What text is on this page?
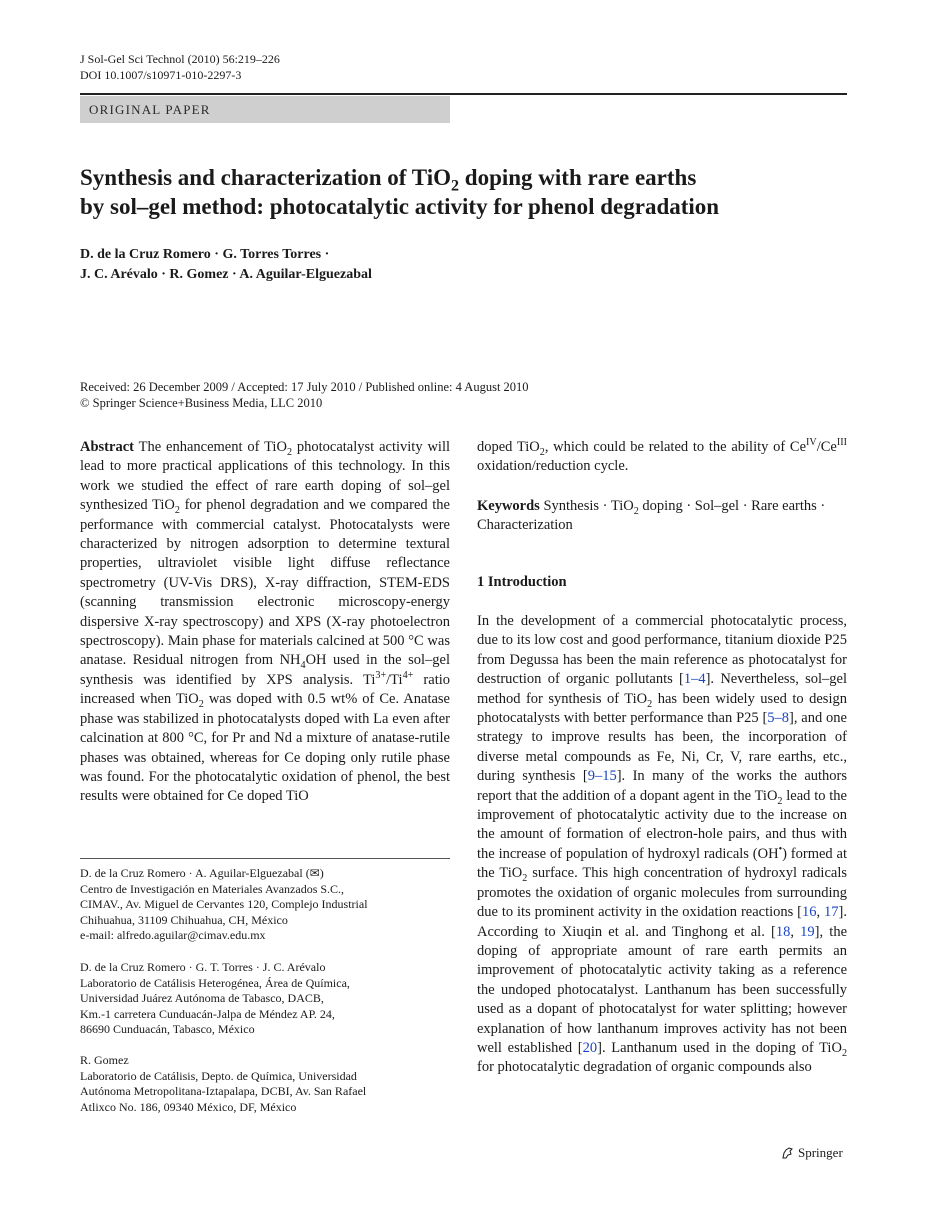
J Sol-Gel Sci Technol (2010) 56:219–226
DOI 10.1007/s10971-010-2297-3
ORIGINAL PAPER
Synthesis and characterization of TiO$_2$ doping with rare earths
by sol–gel method: photocatalytic activity for phenol degradation
D. de la Cruz Romero · G. Torres Torres ·
J. C. Arévalo · R. Gomez · A. Aguilar-Elguezabal
Received: 26 December 2009 / Accepted: 17 July 2010 / Published online: 4 August 2010
© Springer Science+Business Media, LLC 2010
Abstract The enhancement of TiO$_2$ photocatalyst activity will lead to more practical applications of this technology. In this work we studied the effect of rare earth doping of sol–gel synthesized TiO$_2$ for phenol degradation and we compared the performance with commercial catalyst. Photocatalysts were characterized by nitrogen adsorption to determine textural properties, ultraviolet visible light diffuse reflectance spectrometry (UV-Vis DRS), X-ray diffraction, STEM-EDS (scanning transmission electronic microscopy-energy dispersive X-ray spectroscopy) and XPS (X-ray photoelectron spectroscopy). Main phase for materials calcined at 500 °C was anatase. Residual nitrogen from $NH_4OH$ used in the sol–gel synthesis was identified by XPS analysis. $Ti^{3+}/Ti^{4+}$ ratio increased when TiO$_2$ was doped with 0.5 wt% of Ce. Anatase phase was stabilized in photocatalysts doped with La even after calcination at 800 °C, for Pr and Nd a mixture of anatase-rutile phases was obtained, whereas for Ce doping only rutile phase was found. For the photocatalytic oxidation of phenol, the best results were obtained for Ce doped TiO
doped TiO$_2$, which could be related to the ability of $Ce^{IV}/Ce^{III}$ oxidation/reduction cycle.
Keywords Synthesis · TiO$_2$ doping · Sol–gel · Rare earths · Characterization
1 Introduction
In the development of a commercial photocatalytic process, due to its low cost and good performance, titanium dioxide P25 from Degussa has been the main reference as photocatalyst for destruction of organic pollutants [1–4]. Nevertheless, sol–gel method for synthesis of TiO$_2$ has been widely used to design photocatalysts with better performance than P25 [5–8], and one strategy to improve results has been, the incorporation of diverse metal compounds as Fe, Ni, Cr, V, rare earths, etc., during synthesis [9–15]. In many of the works the authors report that the addition of a dopant agent in the TiO$_2$ lead to the improvement of photocatalytic activity due to the increase on the amount of formation of electron-hole pairs, and thus with the increase of population of hydroxyl radicals (OH•) formed at the TiO$_2$ surface. This high concentration of hydroxyl radicals promotes the oxidation of organic molecules from surrounding due to its prominent activity in the oxidation reactions [16, 17]. According to Xiuqin et al. and Tinghong et al. [18, 19], the doping of appropriate amount of rare earth permits an improvement of photocatalytic activity taking as a reference the undoped photocatalyst. Lanthanum has been successfully used as a dopant of photocatalyst for water splitting; however explanation of how lanthanum improves activity has not been well established [20]. Lanthanum used in the doping of TiO$_2$ for photocatalytic degradation of organic compounds also
D. de la Cruz Romero · A. Aguilar-Elguezabal (✉)
Centro de Investigación en Materiales Avanzados S.C.,
CIMAV., Av. Miguel de Cervantes 120, Complejo Industrial
Chihuahua, 31109 Chihuahua, CH, México
e-mail: alfredo.aguilar@cimav.edu.mx
D. de la Cruz Romero · G. T. Torres · J. C. Arévalo
Laboratorio de Catálisis Heterogénea, Área de Química,
Universidad Juárez Autónoma de Tabasco, DACB,
Km.-1 carretera Cunduacán-Jalpa de Méndez AP. 24,
86690 Cunduacán, Tabasco, México
R. Gomez
Laboratorio de Catálisis, Depto. de Química, Universidad
Autónoma Metropolitana-Iztapalapa, DCBI, Av. San Rafael
Atlixco No. 186, 09340 México, DF, México
Springer
